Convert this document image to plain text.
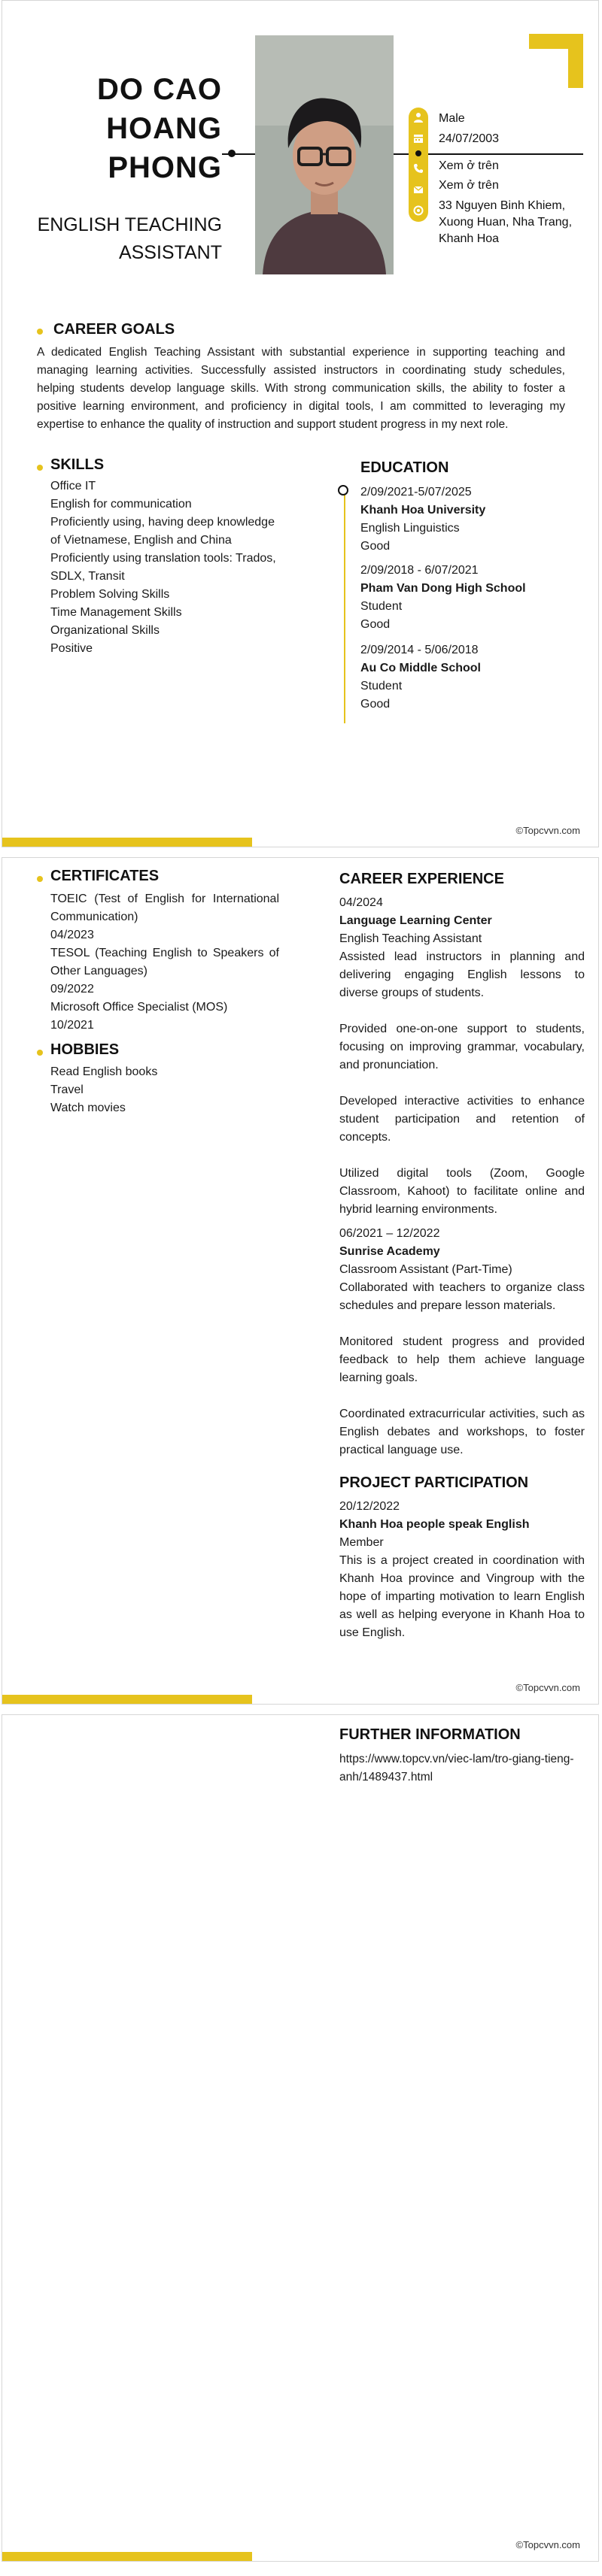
DO CAO
HOANG
PHONG
ENGLISH TEACHING
ASSISTANT
Male
24/07/2003
Xem ở trên
Xem ở trên
33 Nguyen Binh Khiem, Xuong Huan, Nha Trang, Khanh Hoa
CAREER GOALS
A dedicated English Teaching Assistant with substantial experience in supporting teaching and managing learning activities. Successfully assisted instructors in coordinating study schedules, helping students develop language skills. With strong communication skills, the ability to foster a positive learning environment, and proficiency in digital tools, I am committed to leveraging my expertise to enhance the quality of instruction and support student progress in my next role.
SKILLS
Office IT
English for communication
Proficiently using, having deep knowledge of Vietnamese, English and China
Proficiently using translation tools: Trados, SDLX, Transit
Problem Solving Skills
Time Management Skills
Organizational Skills
Positive
EDUCATION
2/09/2021-5/07/2025
Khanh Hoa University
English Linguistics
Good
2/09/2018 - 6/07/2021
Pham Van Dong High School
Student
Good
2/09/2014 - 5/06/2018
Au Co Middle School
Student
Good
©Topcvvn.com
CERTIFICATES
TOEIC (Test of English for International Communication)
04/2023
TESOL (Teaching English to Speakers of Other Languages)
09/2022
Microsoft Office Specialist (MOS)
10/2021
HOBBIES
Read English books
Travel
Watch movies
CAREER EXPERIENCE
04/2024
Language Learning Center
English Teaching Assistant
Assisted lead instructors in planning and delivering engaging English lessons to diverse groups of students.
Provided one-on-one support to students, focusing on improving grammar, vocabulary, and pronunciation.
Developed interactive activities to enhance student participation and retention of concepts.
Utilized digital tools (Zoom, Google Classroom, Kahoot) to facilitate online and hybrid learning environments.
06/2021 – 12/2022
Sunrise Academy
Classroom Assistant (Part-Time)
Collaborated with teachers to organize class schedules and prepare lesson materials.
Monitored student progress and provided feedback to help them achieve language learning goals.
Coordinated extracurricular activities, such as English debates and workshops, to foster practical language use.
PROJECT PARTICIPATION
20/12/2022
Khanh Hoa people speak English
Member
This is a project created in coordination with Khanh Hoa province and Vingroup with the hope of imparting motivation to learn English as well as helping everyone in Khanh Hoa to use English.
©Topcvvn.com
FURTHER INFORMATION
https://www.topcv.vn/viec-lam/tro-giang-tieng-anh/1489437.html
©Topcvvn.com
